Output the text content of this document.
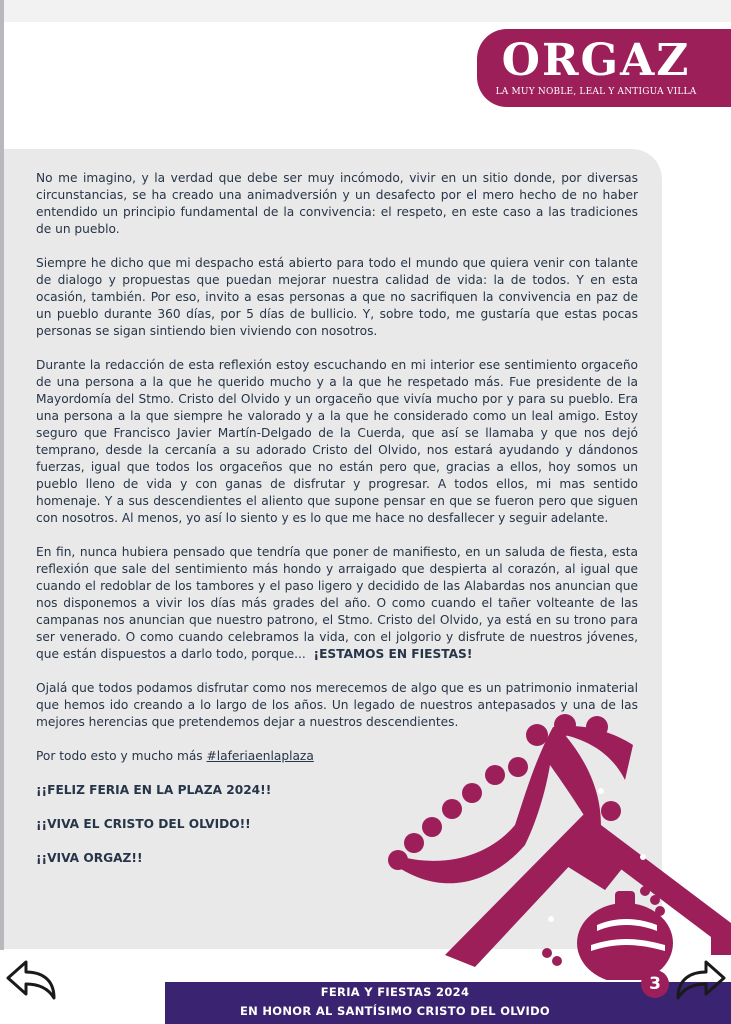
ORGAZ
LA MUY NOBLE, LEAL Y ANTIGUA VILLA

No me imagino, y la verdad que debe ser muy incómodo, vivir en un sitio donde, por diversas circunstancias, se ha creado una animadversión y un desafecto por el mero hecho de no haber entendido un principio fundamental de la convivencia: el respeto, en este caso a las tradiciones de un pueblo.

Siempre he dicho que mi despacho está abierto para todo el mundo que quiera venir con talante de dialogo y propuestas que puedan mejorar nuestra calidad de vida: la de todos. Y en esta ocasión, también. Por eso, invito a esas personas a que no sacrifiquen la convivencia en paz de un pueblo durante 360 días, por 5 días de bullicio. Y, sobre todo, me gustaría que estas pocas personas se sigan sintiendo bien viviendo con nosotros.

Durante la redacción de esta reflexión estoy escuchando en mi interior ese sentimiento orgaceño de una persona a la que he querido mucho y a la que he respetado más. Fue presidente de la Mayordomía del Stmo. Cristo del Olvido y un orgaceño que vivía mucho por y para su pueblo. Era una persona a la que siempre he valorado y a la que he considerado como un leal amigo. Estoy seguro que Francisco Javier Martín-Delgado de la Cuerda, que así se llamaba y que nos dejó temprano, desde la cercanía a su adorado Cristo del Olvido, nos estará ayudando y dándonos fuerzas, igual que todos los orgaceños que no están pero que, gracias a ellos, hoy somos un pueblo lleno de vida y con ganas de disfrutar y progresar. A todos ellos, mi mas sentido homenaje. Y a sus descendientes el aliento que supone pensar en que se fueron pero que siguen con nosotros. Al menos, yo así lo siento y es lo que me hace no desfallecer y seguir adelante.

En fin, nunca hubiera pensado que tendría que poner de manifiesto, en un saluda de fiesta, esta reflexión que sale del sentimiento más hondo y arraigado que despierta al corazón, al igual que cuando el redoblar de los tambores y el paso ligero y decidido de las Alabardas nos anuncian que nos disponemos a vivir los días más grades del año. O como cuando el tañer volteante de las campanas nos anuncian que nuestro patrono, el Stmo. Cristo del Olvido, ya está en su trono para ser venerado. O como cuando celebramos la vida, con el jolgorio y disfrute de nuestros jóvenes, que están dispuestos a darlo todo, porque... ¡ESTAMOS EN FIESTAS!

Ojalá que todos podamos disfrutar como nos merecemos de algo que es un patrimonio inmaterial que hemos ido creando a lo largo de los años. Un legado de nuestros antepasados y una de las mejores herencias que pretendemos dejar a nuestros descendientes.

Por todo esto y mucho más #laferiaenlaplaza

¡¡FELIZ FERIA EN LA PLAZA 2024!!

¡¡VIVA EL CRISTO DEL OLVIDO!!

¡¡VIVA ORGAZ!!

FERIA Y FIESTAS 2024
EN HONOR AL SANTÍSIMO CRISTO DEL OLVIDO
3
